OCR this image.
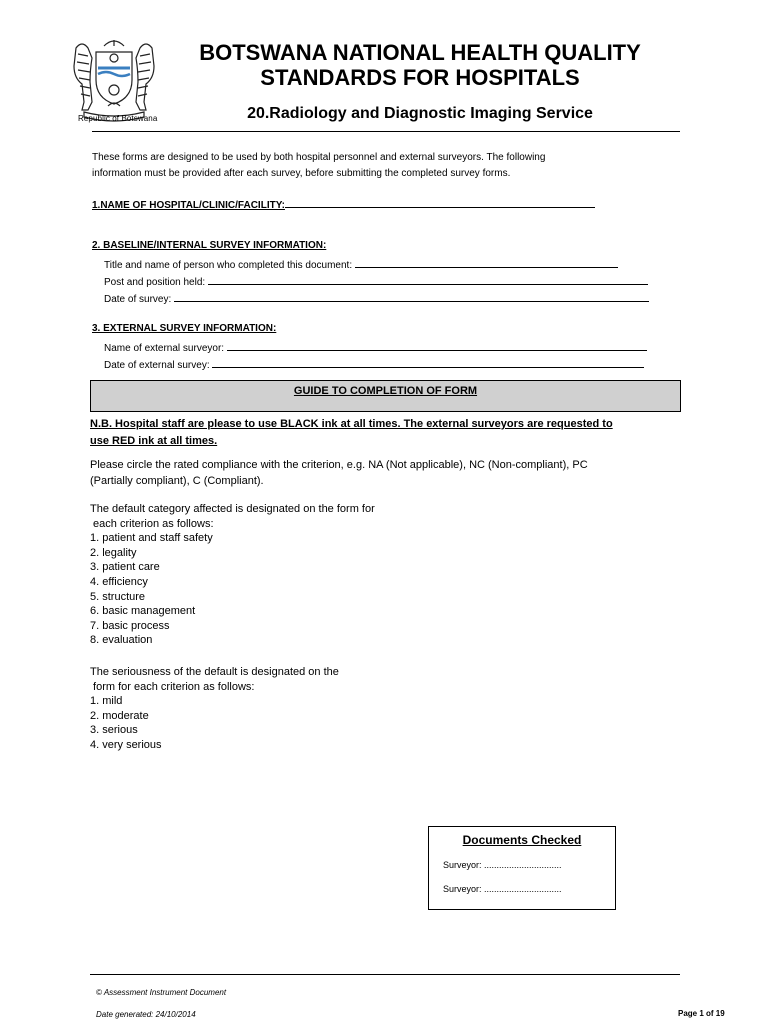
Republic of Botswana
BOTSWANA NATIONAL HEALTH QUALITY
STANDARDS FOR HOSPITALS
20.Radiology and Diagnostic Imaging Service
These forms are designed to be used by both hospital personnel and external surveyors. The following
information must be provided after each survey, before submitting the completed survey forms.
1.NAME OF HOSPITAL/CLINIC/FACILITY:
2. BASELINE/INTERNAL SURVEY INFORMATION:
Title and name of person who completed this document:
Post and position held:
Date of survey:
3. EXTERNAL SURVEY INFORMATION:
Name of external surveyor:
Date of external survey:
GUIDE TO COMPLETION OF FORM
N.B. Hospital staff are please to use BLACK ink at all times. The external surveyors are requested to
use RED ink at all times.
Please circle the rated compliance with the criterion, e.g. NA (Not applicable), NC (Non-compliant), PC
(Partially compliant), C (Compliant).
The default category affected is designated on the form for
each criterion as follows:
1. patient and staff safety
2. legality
3. patient care
4. efficiency
5. structure
6. basic management
7. basic process
8. evaluation
The seriousness of the default is designated on the
form for each criterion as follows:
1. mild
2. moderate
3. serious
4. very serious
Documents Checked
Surveyor: ...............................
Surveyor: ...............................
© Assessment Instrument Document
Date generated: 24/10/2014	Page 1 of 19
